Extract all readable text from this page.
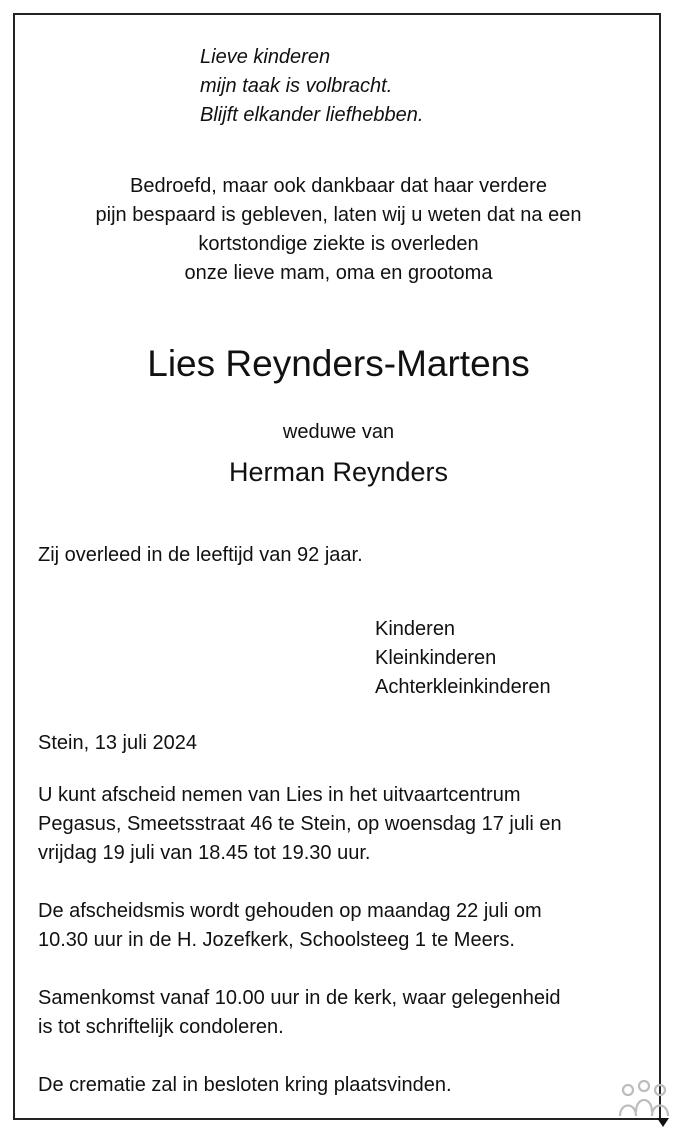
Lieve kinderen
mijn taak is volbracht.
Blijft elkander liefhebben.
Bedroefd, maar ook dankbaar dat haar verdere
pijn bespaard is gebleven, laten wij u weten dat na een
kortstondige ziekte is overleden
onze lieve mam, oma en grootoma
Lies Reynders-Martens
weduwe van
Herman Reynders

Zij overleed in de leeftijd van 92 jaar.

Kinderen
Kleinkinderen
Achterkleinkinderen

Stein, 13 juli 2024

U kunt afscheid nemen van Lies in het uitvaartcentrum
Pegasus, Smeetsstraat 46 te Stein, op woensdag 17 juli en
vrijdag 19 juli van 18.45 tot 19.30 uur.
De afscheidsmis wordt gehouden op maandag 22 juli om
10.30 uur in de H. Jozefkerk, Schoolsteeg 1 te Meers.
Samenkomst vanaf 10.00 uur in de kerk, waar gelegenheid
is tot schriftelijk condoleren.
De crematie zal in besloten kring plaatsvinden.
